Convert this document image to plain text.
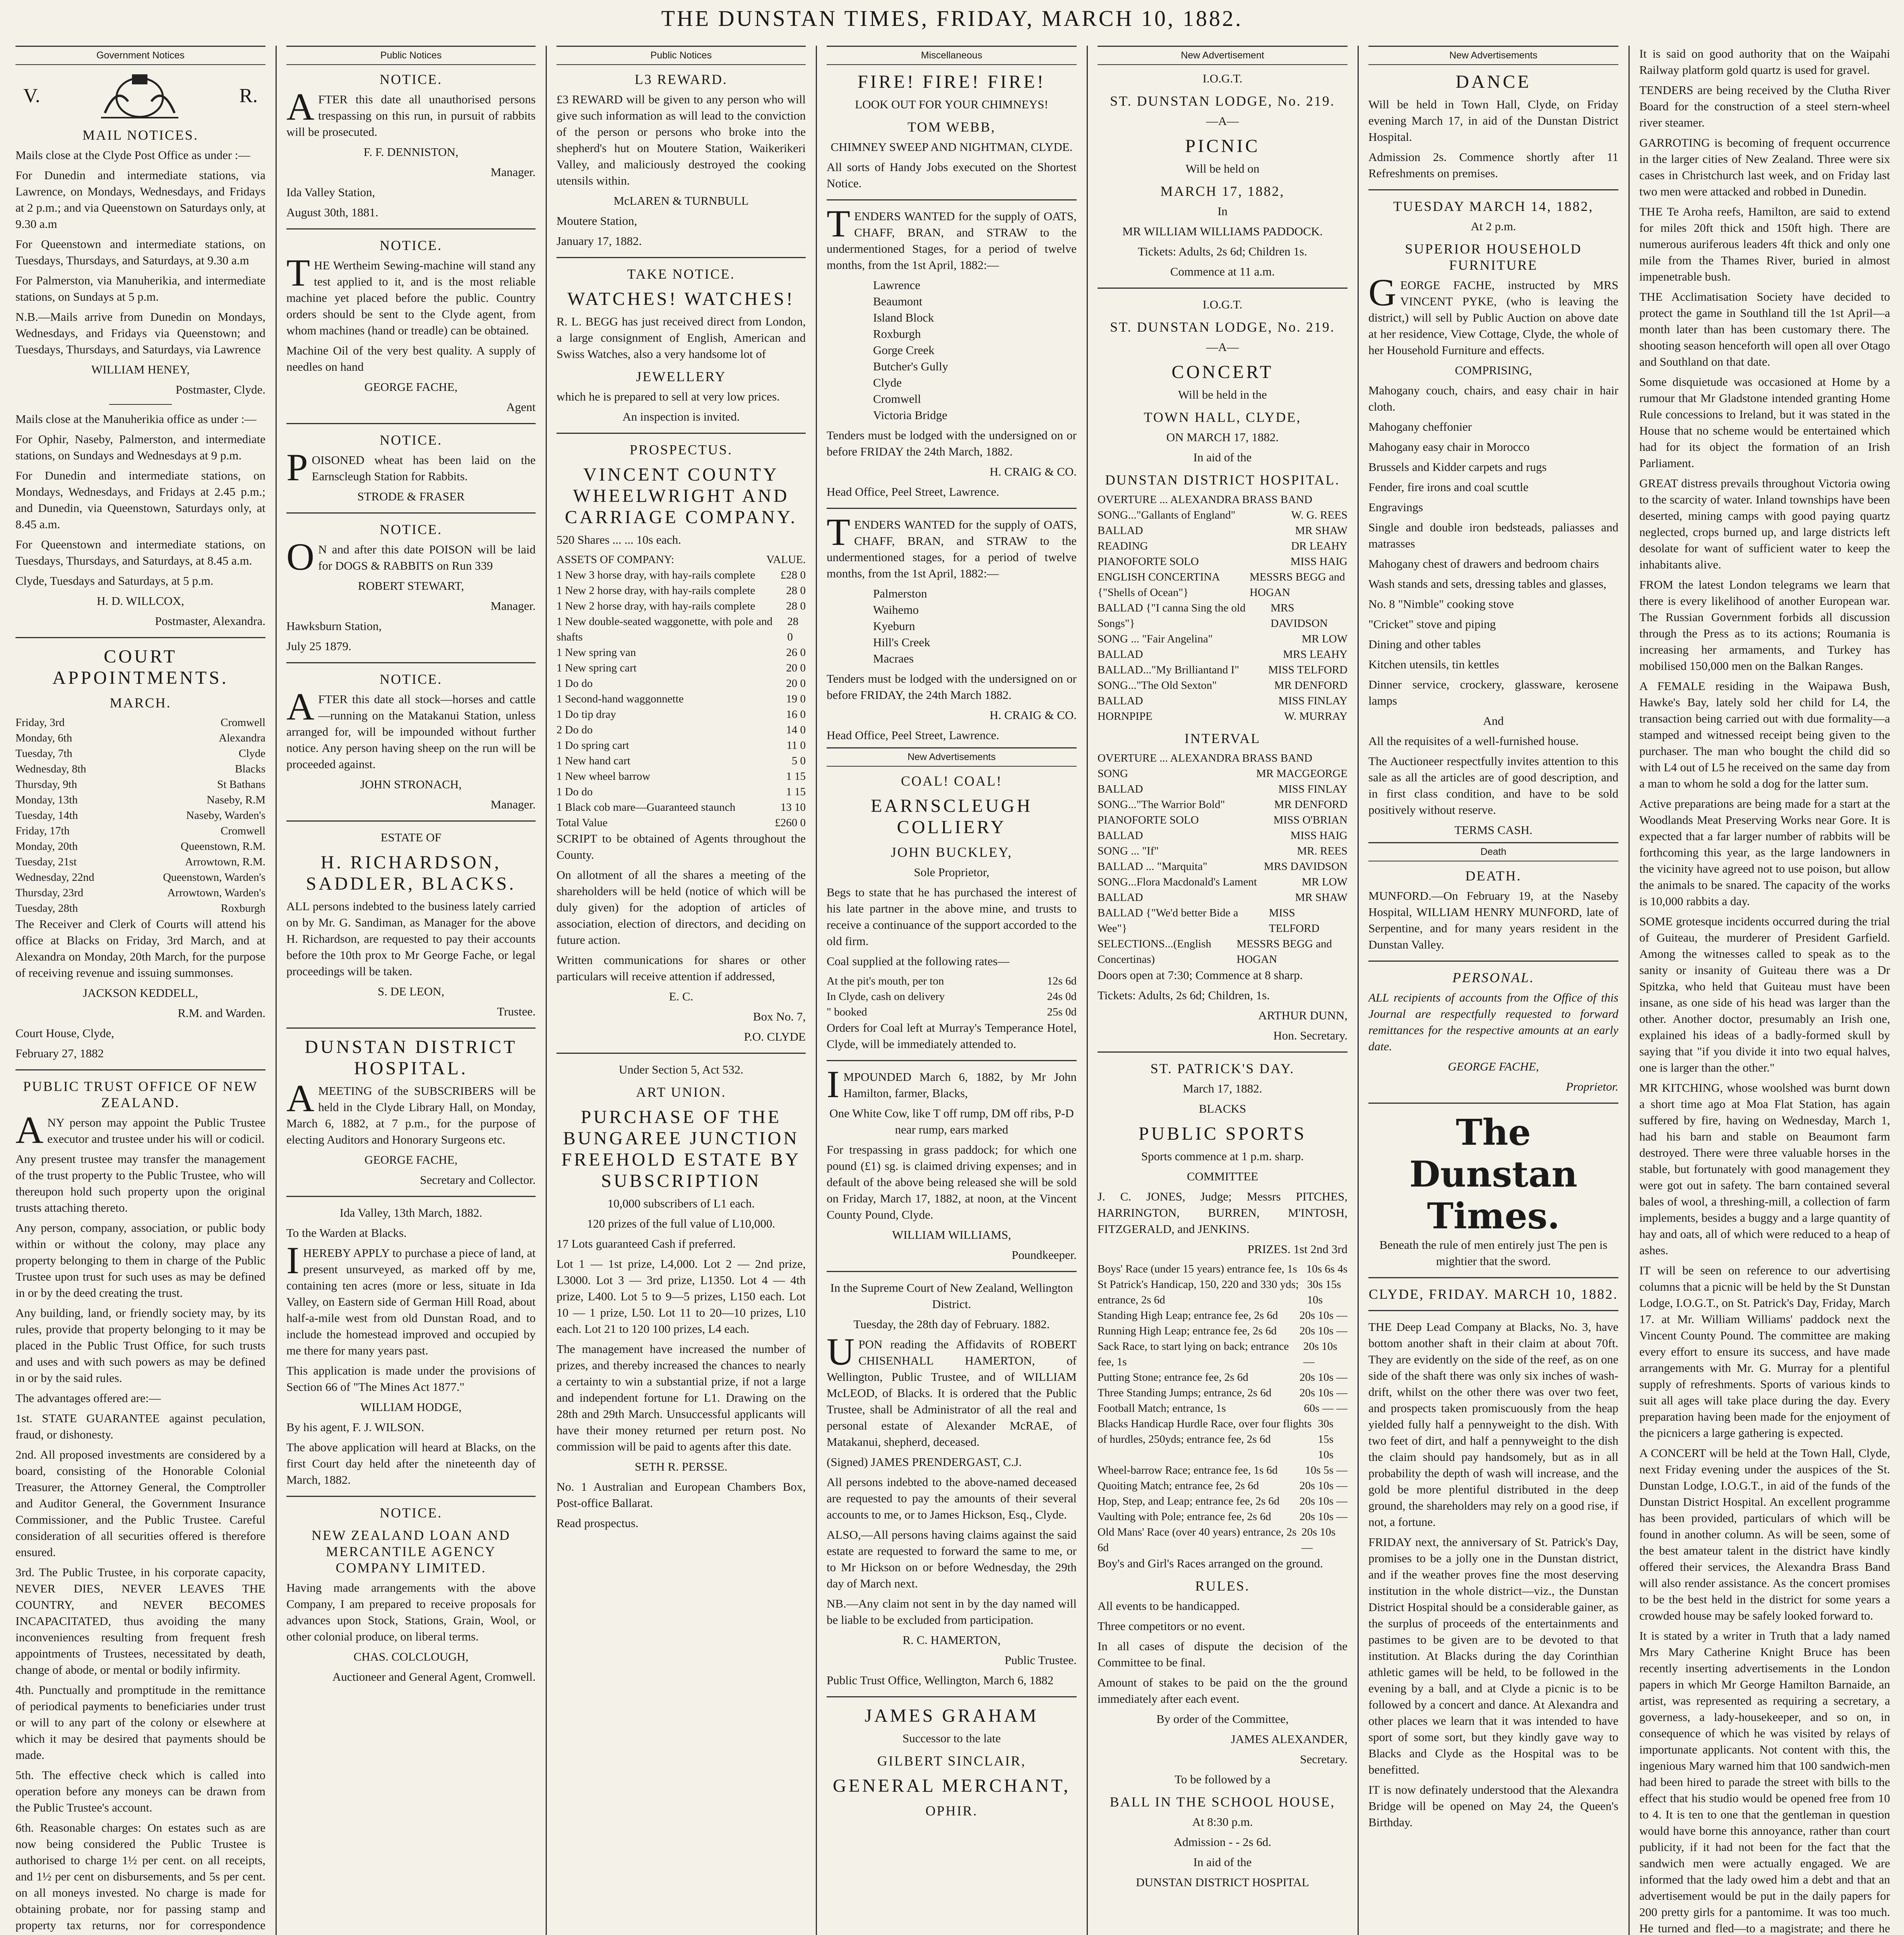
THE DUNSTAN TIMES, FRIDAY, MARCH 10, 1882.
Government Notices
V.	R.
MAIL NOTICES.

Mails close at the Clyde Post Office as under :—

For Dunedin and intermediate stations, via Lawrence, on Mondays, Wednesdays, and Fridays at 2 p.m.; and via Queenstown on Saturdays only, at 9.30 a.m

For Queenstown and intermediate stations, on Tuesdays, Thursdays, and Saturdays, at 9.30 a.m

For Palmerston, via Manuherikia, and intermediate stations, on Sundays at 5 p.m.

N.B.—Mails arrive from Dunedin on Mondays, Wednesdays, and Fridays via Queenstown; and Tuesdays, Thursdays, and Saturdays, via Lawrence

WILLIAM HENEY,

Postmaster, Clyde.

Mails close at the Manuherikia office as under :—

For Ophir, Naseby, Palmerston, and intermediate stations, on Sundays and Wednesdays at 9 p.m.

For Dunedin and intermediate stations, on Mondays, Wednesdays, and Fridays at 2.45 p.m.; and Dunedin, via Queenstown, Saturdays only, at 8.45 a.m.

For Queenstown and intermediate stations, on Tuesdays, Thursdays, and Saturdays, at 8.45 a.m.

Clyde, Tuesdays and Saturdays, at 5 p.m.

H. D. WILLCOX,

Postmaster, Alexandra.

COURT APPOINTMENTS.
MARCH.
Friday, 3rd	Cromwell
Monday, 6th	Alexandra
Tuesday, 7th	Clyde
Wednesday, 8th	Blacks
Thursday, 9th	St Bathans
Monday, 13th	Naseby, R.M
Tuesday, 14th	Naseby, Warden's
Friday, 17th	Cromwell
Monday, 20th	Queenstown, R.M.
Tuesday, 21st	Arrowtown, R.M.
Wednesday, 22nd	Queenstown, Warden's
Thursday, 23rd	Arrowtown, Warden's
Tuesday, 28th	Roxburgh

The Receiver and Clerk of Courts will attend his office at Blacks on Friday, 3rd March, and at Alexandra on Monday, 20th March, for the purpose of receiving revenue and issuing summonses.

JACKSON KEDDELL,

R.M. and Warden.

Court House, Clyde,

February 27, 1882

PUBLIC TRUST OFFICE OF NEW ZEALAND.

ANY person may appoint the Public Trustee executor and trustee under his will or codicil.

Any present trustee may transfer the management of the trust property to the Public Trustee, who will thereupon hold such property upon the original trusts attaching thereto.

Any person, company, association, or public body within or without the colony, may place any property belonging to them in charge of the Public Trustee upon trust for such uses as may be defined in or by the deed creating the trust.

Any building, land, or friendly society may, by its rules, provide that property belonging to it may be placed in the Public Trust Office, for such trusts and uses and with such powers as may be defined in or by the said rules.

The advantages offered are:—

1st. STATE GUARANTEE against peculation, fraud, or dishonesty.

2nd. All proposed investments are considered by a board, consisting of the Honorable Colonial Treasurer, the Attorney General, the Comptroller and Auditor General, the Government Insurance Commissioner, and the Public Trustee. Careful consideration of all securities offered is therefore ensured.

3rd. The Public Trustee, in his corporate capacity, NEVER DIES, NEVER LEAVES THE COUNTRY, and NEVER BECOMES INCAPACITATED, thus avoiding the many inconveniences resulting from frequent fresh appointments of Trustees, necessitated by death, change of abode, or mental or bodily infirmity.

4th. Punctually and promptitude in the remittance of periodical payments to beneficiaries under trust or will to any part of the colony or elsewhere at which it may be desired that payments should be made.

5th. The effective check which is called into operation before any moneys can be drawn from the Public Trustee's account.

6th. Reasonable charges: On estates such as are now being considered the Public Trustee is authorised to charge 1½ per cent. on all receipts, and 1½ per cent on disbursements, and 5s per cent. on all moneys invested. No charge is made for obtaining probate, nor for passing stamp and property tax returns, nor for correspondence

Public Notices
NOTICE.

AFTER this date all unauthorised persons trespassing on this run, in pursuit of rabbits will be prosecuted.

F. F. DENNISTON,

Manager.

Ida Valley Station,

August 30th, 1881.

NOTICE.

THE Wertheim Sewing-machine will stand any test applied to it, and is the most reliable machine yet placed before the public. Country orders should be sent to the Clyde agent, from whom machines (hand or treadle) can be obtained.

Machine Oil of the very best quality. A supply of needles on hand

GEORGE FACHE,

Agent

NOTICE.

POISONED wheat has been laid on the Earnscleugh Station for Rabbits.

STRODE & FRASER

NOTICE.

ON and after this date POISON will be laid for DOGS & RABBITS on Run 339

ROBERT STEWART,

Manager.

Hawksburn Station,

July 25 1879.

NOTICE.

AFTER this date all stock—horses and cattle—running on the Matakanui Station, unless arranged for, will be impounded without further notice. Any person having sheep on the run will be proceeded against.

JOHN STRONACH,

Manager.

ESTATE OF

H. RICHARDSON, SADDLER, BLACKS.

ALL persons indebted to the business lately carried on by Mr. G. Sandiman, as Manager for the above H. Richardson, are requested to pay their accounts before the 10th prox to Mr George Fache, or legal proceedings will be taken.

S. DE LEON,

Trustee.

DUNSTAN DISTRICT HOSPITAL.

AMEETING of the SUBSCRIBERS will be held in the Clyde Library Hall, on Monday, March 6, 1882, at 7 p.m., for the purpose of electing Auditors and Honorary Surgeons etc.

GEORGE FACHE,

Secretary and Collector.

Ida Valley, 13th March, 1882.

To the Warden at Blacks.

IHEREBY APPLY to purchase a piece of land, at present unsurveyed, as marked off by me, containing ten acres (more or less, situate in Ida Valley, on Eastern side of German Hill Road, about half-a-mile west from old Dunstan Road, and to include the homestead improved and occupied by me there for many years past.

This application is made under the provisions of Section 66 of "The Mines Act 1877."

WILLIAM HODGE,

By his agent, F. J. WILSON.

The above application will heard at Blacks, on the first Court day held after the nineteenth day of March, 1882.

NOTICE.
NEW ZEALAND LOAN AND MERCANTILE AGENCY COMPANY LIMITED.

Having made arrangements with the above Company, I am prepared to receive proposals for advances upon Stock, Stations, Grain, Wool, or other colonial produce, on liberal terms.

CHAS. COLCLOUGH,

Auctioneer and General Agent, Cromwell.

Public Notices
L3 REWARD.

£3 REWARD will be given to any person who will give such information as will lead to the conviction of the person or persons who broke into the shepherd's hut on Moutere Station, Waikerikeri Valley, and maliciously destroyed the cooking utensils within.

McLAREN & TURNBULL

Moutere Station,

January 17, 1882.

TAKE NOTICE.
WATCHES! WATCHES!

R. L. BEGG has just received direct from London, a large consignment of English, American and Swiss Watches, also a very handsome lot of

JEWELLERY

which he is prepared to sell at very low prices.

An inspection is invited.

PROSPECTUS.
VINCENT COUNTY WHEELWRIGHT AND CARRIAGE COMPANY.

520 Shares ... ... 10s each.

ASSETS OF COMPANY:	VALUE.
1 New 3 horse dray, with hay-rails complete £28 0
1 New 2 horse dray, with hay-rails complete	28 0
1 New 2 horse dray, with hay-rails complete	28 0
1 New double-seated waggonette, with pole and shafts
28 0
1 New spring van	26 0
1 New spring cart	20 0
1 Do do	20 0
1 Second-hand waggonnette	19 0
1 Do tip dray	16 0
2 Do do	14 0
1 Do spring cart	11 0
1 New hand cart	5 0
1 New wheel barrow	1 15
1 Do do	1 15
1 Black cob mare—Guaranteed staunch	13 10
Total Value	£260 0

SCRIPT to be obtained of Agents throughout the County.

On allotment of all the shares a meeting of the shareholders will be held (notice of which will be duly given) for the adoption of articles of association, election of directors, and deciding on future action.

Written communications for shares or other particulars will receive attention if addressed,

E. C.

Box No. 7,

P.O. CLYDE

Under Section 5, Act 532.

ART UNION.
PURCHASE OF THE BUNGAREE JUNCTION FREEHOLD ESTATE BY SUBSCRIPTION

10,000 subscribers of L1 each.

120 prizes of the full value of L10,000.

17 Lots guaranteed Cash if preferred.

Lot 1 — 1st prize, L4,000. Lot 2 — 2nd prize, L3000. Lot 3 — 3rd prize, L1350. Lot 4 — 4th prize, L400. Lot 5 to 9—5 prizes, L150 each. Lot 10 — 1 prize, L50. Lot 11 to 20—10 prizes, L10 each. Lot 21 to 120 100 prizes, L4 each.

The management have increased the number of prizes, and thereby increased the chances to nearly a certainty to win a substantial prize, if not a large and independent fortune for L1. Drawing on the 28th and 29th March. Unsuccessful applicants will have their money returned per return post. No commission will be paid to agents after this date.

SETH R. PERSSE.

No. 1 Australian and European Chambers Box, Post-office Ballarat.

Read prospectus.

Miscellaneous
FIRE! FIRE! FIRE!

LOOK OUT FOR YOUR CHIMNEYS!

TOM WEBB,

CHIMNEY SWEEP AND NIGHTMAN, CLYDE.

All sorts of Handy Jobs executed on the Shortest Notice.

TENDERS WANTED for the supply of OATS, CHAFF, BRAN, and STRAW to the undermentioned Stages, for a period of twelve months, from the 1st April, 1882:—

Lawrence
Beaumont
Island Block
Roxburgh
Gorge Creek
Butcher's Gully
Clyde
Cromwell
Victoria Bridge

Tenders must be lodged with the undersigned on or before FRIDAY the 24th March, 1882.

H. CRAIG & CO.

Head Office, Peel Street, Lawrence.

TENDERS WANTED for the supply of OATS, CHAFF, BRAN, and STRAW to the undermentioned stages, for a period of twelve months, from the 1st April, 1882:—

Palmerston
Waihemo
Kyeburn
Hill's Creek
Macraes

Tenders must be lodged with the undersigned on or before FRIDAY, the 24th March 1882.

H. CRAIG & CO.

Head Office, Peel Street, Lawrence.

New Advertisements
COAL! COAL!
EARNSCLEUGH COLLIERY
JOHN BUCKLEY,

Sole Proprietor,

Begs to state that he has purchased the interest of his late partner in the above mine, and trusts to receive a continuance of the support accorded to the old firm.

Coal supplied at the following rates—

At the pit's mouth, per ton	12s 6d
In Clyde, cash on delivery	24s 0d
" booked	25s 0d

Orders for Coal left at Murray's Temperance Hotel, Clyde, will be immediately attended to.

IMPOUNDED March 6, 1882, by Mr John Hamilton, farmer, Blacks,

One White Cow, like T off rump, DM off ribs, P-D near rump, ears marked

For trespassing in grass paddock; for which one pound (£1) sg. is claimed driving expenses; and in default of the above being released she will be sold on Friday, March 17, 1882, at noon, at the Vincent County Pound, Clyde.

WILLIAM WILLIAMS,

Poundkeeper.

In the Supreme Court of New Zealand, Wellington District.

Tuesday, the 28th day of February. 1882.

UPON reading the Affidavits of ROBERT CHISENHALL HAMERTON, of Wellington, Public Trustee, and of WILLIAM McLEOD, of Blacks. It is ordered that the Public Trustee, shall be Administrator of all the real and personal estate of Alexander McRAE, of Matakanui, shepherd, deceased.

(Signed) JAMES PRENDERGAST, C.J.

All persons indebted to the above-named deceased are requested to pay the amounts of their several accounts to me, or to James Hickson, Esq., Clyde.

ALSO,—All persons having claims against the said estate are requested to forward the same to me, or to Mr Hickson on or before Wednesday, the 29th day of March next.

NB.—Any claim not sent in by the day named will be liable to be excluded from participation.

R. C. HAMERTON,

Public Trustee.

Public Trust Office, Wellington, March 6, 1882

JAMES GRAHAM

Successor to the late

GILBERT SINCLAIR,
GENERAL MERCHANT,
OPHIR.
New Advertisement

I.O.G.T.

ST. DUNSTAN LODGE, No. 219.

—A—

PICNIC

Will be held on

MARCH 17, 1882,

In

MR WILLIAM WILLIAMS PADDOCK.

Tickets: Adults, 2s 6d; Children 1s.

Commence at 11 a.m.

I.O.G.T.

ST. DUNSTAN LODGE, No. 219.

—A—

CONCERT

Will be held in the

TOWN HALL, CLYDE,

ON MARCH 17, 1882.

In aid of the

DUNSTAN DISTRICT HOSPITAL.
OVERTURE ... ALEXANDRA BRASS BAND
SONG..."Gallants of England"	W. G. REES
BALLAD	MR SHAW
READING	DR LEAHY
PIANOFORTE SOLO	MISS HAIG
ENGLISH CONCERTINA {"Shells of Ocean"}
MESSRS BEGG and HOGAN
BALLAD {"I canna Sing the old Songs"}
MRS DAVIDSON
SONG ... "Fair Angelina"	MR LOW
BALLAD	MRS LEAHY
BALLAD..."My Brilliantand I"	MISS TELFORD
SONG..."The Old Sexton"	MR DENFORD
BALLAD	MISS FINLAY
HORNPIPE	W. MURRAY
INTERVAL
OVERTURE ... ALEXANDRA BRASS BAND
SONG	MR MACGEORGE
BALLAD	MISS FINLAY
SONG..."The Warrior Bold"	MR DENFORD
PIANOFORTE SOLO	MISS O'BRIAN
BALLAD	MISS HAIG
SONG ... "If"	MR. REES
BALLAD ... "Marquita"	MRS DAVIDSON
SONG...Flora Macdonald's Lament	MR LOW
BALLAD	MR SHAW
BALLAD {"We'd better Bide a Wee"}
MISS TELFORD
SELECTIONS...(English Concertinas)
MESSRS BEGG and HOGAN

Doors open at 7:30; Commence at 8 sharp.

Tickets: Adults, 2s 6d; Children, 1s.

ARTHUR DUNN,

Hon. Secretary.

ST. PATRICK'S DAY.

March 17, 1882.

BLACKS

PUBLIC SPORTS

Sports commence at 1 p.m. sharp.

COMMITTEE

J. C. JONES, Judge; Messrs PITCHES, HARRINGTON, BURREN, M'INTOSH, FITZGERALD, and JENKINS.

PRIZES. 1st 2nd 3rd

Boys' Race (under 15 years) entrance fee, 1s 10s 6s 4s
St Patrick's Handicap, 150, 220 and 330 yds; entrance, 2s 6d
30s 15s 10s
Standing High Leap; entrance fee, 2s 6d 20s 10s —
Running High Leap; entrance fee, 2s 6d 20s 10s —
Sack Race, to start lying on back; entrance fee, 1s
20s 10s —
Putting Stone; entrance fee, 2s 6d	20s 10s —
Three Standing Jumps; entrance, 2s 6d	20s 10s —
Football Match; entrance, 1s	60s — —
Blacks Handicap Hurdle Race, over four flights of hurdles, 250yds; entrance fee, 2s 6d
30s 15s 10s
Wheel-barrow Race; entrance fee, 1s 6d 10s 5s —
Quoiting Match; entrance fee, 2s 6d	20s 10s —
Hop, Step, and Leap; entrance fee, 2s 6d 20s 10s —
Vaulting with Pole; entrance fee, 2s 6d	20s 10s —
Old Mans' Race (over 40 years) entrance, 2s 6d
20s 10s —

Boy's and Girl's Races arranged on the ground.

RULES.

All events to be handicapped.

Three competitors or no event.

In all cases of dispute the decision of the Committee to be final.

Amount of stakes to be paid on the the ground immediately after each event.

By order of the Committee,

JAMES ALEXANDER,

Secretary.

To be followed by a

BALL IN THE SCHOOL HOUSE,

At 8:30 p.m.

Admission - - 2s 6d.

In aid of the

DUNSTAN DISTRICT HOSPITAL

New Advertisements
DANCE

Will be held in Town Hall, Clyde, on Friday evening March 17, in aid of the Dunstan District Hospital.

Admission 2s. Commence shortly after 11 Refreshments on premises.

TUESDAY MARCH 14, 1882,

At 2 p.m.

SUPERIOR HOUSEHOLD FURNITURE

GEORGE FACHE, instructed by MRS VINCENT PYKE, (who is leaving the district,) will sell by Public Auction on above date at her residence, View Cottage, Clyde, the whole of her Household Furniture and effects.

COMPRISING,

Mahogany couch, chairs, and easy chair in hair cloth.

Mahogany cheffonier

Mahogany easy chair in Morocco

Brussels and Kidder carpets and rugs

Fender, fire irons and coal scuttle

Engravings

Single and double iron bedsteads, paliasses and matrasses

Mahogany chest of drawers and bedroom chairs

Wash stands and sets, dressing tables and glasses,

No. 8 "Nimble" cooking stove

"Cricket" stove and piping

Dining and other tables

Kitchen utensils, tin kettles

Dinner service, crockery, glassware, kerosene lamps

And

All the requisites of a well-furnished house.

The Auctioneer respectfully invites attention to this sale as all the articles are of good description, and in first class condition, and have to be sold positively without reserve.

TERMS CASH.

Death
DEATH.

MUNFORD.—On February 19, at the Naseby Hospital, WILLIAM HENRY MUNFORD, late of Serpentine, and for many years resident in the Dunstan Valley.

PERSONAL.

ALL recipients of accounts from the Office of this Journal are respectfully requested to forward remittances for the respective amounts at an early date.

GEORGE FACHE,

Proprietor.

The Dunstan Times.

Beneath the rule of men entirely just The pen is mightier that the sword.

CLYDE, FRIDAY. MARCH 10, 1882.

THE Deep Lead Company at Blacks, No. 3, have bottom another shaft in their claim at about 70ft. They are evidently on the side of the reef, as on one side of the shaft there was only six inches of wash-drift, whilst on the other there was over two feet, and prospects taken promiscuously from the heap yielded fully half a pennyweight to the dish. With two feet of dirt, and half a pennyweight to the dish the claim should pay handsomely, but as in all probability the depth of wash will increase, and the gold be more plentiful distributed in the deep ground, the shareholders may rely on a good rise, if not, a fortune.

FRIDAY next, the anniversary of St. Patrick's Day, promises to be a jolly one in the Dunstan district, and if the weather proves fine the most deserving institution in the whole district—viz., the Dunstan District Hospital should be a considerable gainer, as the surplus of proceeds of the entertainments and pastimes to be given are to be devoted to that institution. At Blacks during the day Corinthian athletic games will be held, to be followed in the evening by a ball, and at Clyde a picnic is to be followed by a concert and dance. At Alexandra and other places we learn that it was intended to have sport of some sort, but they kindly gave way to Blacks and Clyde as the Hospital was to be benefitted.

IT is now definately understood that the Alexandra Bridge will be opened on May 24, the Queen's Birthday.

It is said on good authority that on the Waipahi Railway platform gold quartz is used for gravel.

TENDERS are being received by the Clutha River Board for the construction of a steel stern-wheel river steamer.

GARROTING is becoming of frequent occurrence in the larger cities of New Zealand. Three were six cases in Christchurch last week, and on Friday last two men were attacked and robbed in Dunedin.

THE Te Aroha reefs, Hamilton, are said to extend for miles 20ft thick and 150ft high. There are numerous auriferous leaders 4ft thick and only one mile from the Thames River, buried in almost impenetrable bush.

THE Acclimatisation Society have decided to protect the game in Southland till the 1st April—a month later than has been customary there. The shooting season henceforth will open all over Otago and Southland on that date.

Some disquietude was occasioned at Home by a rumour that Mr Gladstone intended granting Home Rule concessions to Ireland, but it was stated in the House that no scheme would be entertained which had for its object the formation of an Irish Parliament.

GREAT distress prevails throughout Victoria owing to the scarcity of water. Inland townships have been deserted, mining camps with good paying quartz neglected, crops burned up, and large districts left desolate for want of sufficient water to keep the inhabitants alive.

FROM the latest London telegrams we learn that there is every likelihood of another European war. The Russian Government forbids all discussion through the Press as to its actions; Roumania is increasing her armaments, and Turkey has mobilised 150,000 men on the Balkan Ranges.

A FEMALE residing in the Waipawa Bush, Hawke's Bay, lately sold her child for L4, the transaction being carried out with due formality—a stamped and witnessed receipt being given to the purchaser. The man who bought the child did so with L4 out of L5 he received on the same day from a man to whom he sold a dog for the latter sum.

Active preparations are being made for a start at the Woodlands Meat Preserving Works near Gore. It is expected that a far larger number of rabbits will be forthcoming this year, as the large landowners in the vicinity have agreed not to use poison, but allow the animals to be snared. The capacity of the works is 10,000 rabbits a day.

SOME grotesque incidents occurred during the trial of Guiteau, the murderer of President Garfield. Among the witnesses called to speak as to the sanity or insanity of Guiteau there was a Dr Spitzka, who held that Guiteau must have been insane, as one side of his head was larger than the other. Another doctor, presumably an Irish one, explained his ideas of a badly-formed skull by saying that "if you divide it into two equal halves, one is larger than the other."

MR KITCHING, whose woolshed was burnt down a short time ago at Moa Flat Station, has again suffered by fire, having on Wednesday, March 1, had his barn and stable on Beaumont farm destroyed. There were three valuable horses in the stable, but fortunately with good management they were got out in safety. The barn contained several bales of wool, a threshing-mill, a collection of farm implements, besides a buggy and a large quantity of hay and oats, all of which were reduced to a heap of ashes.

IT will be seen on reference to our advertising columns that a picnic will be held by the St Dunstan Lodge, I.O.G.T., on St. Patrick's Day, Friday, March 17. at Mr. William Williams' paddock next the Vincent County Pound. The committee are making every effort to ensure its success, and have made arrangements with Mr. G. Murray for a plentiful supply of refreshments. Sports of various kinds to suit all ages will take place during the day. Every preparation having been made for the enjoyment of the picnicers a large gathering is expected.

A CONCERT will be held at the Town Hall, Clyde, next Friday evening under the auspices of the St. Dunstan Lodge, I.O.G.T., in aid of the funds of the Dunstan District Hospital. An excellent programme has been provided, particulars of which will be found in another column. As will be seen, some of the best amateur talent in the district have kindly offered their services, the Alexandra Brass Band will also render assistance. As the concert promises to be the best held in the district for some years a crowded house may be safely looked forward to.

It is stated by a writer in Truth that a lady named Mrs Mary Catherine Knight Bruce has been recently inserting advertisements in the London papers in which Mr George Hamilton Barnaide, an artist, was represented as requiring a secretary, a governess, a lady-housekeeper, and so on, in consequence of which he was visited by relays of importunate applicants. Not content with this, the ingenious Mary warned him that 100 sandwich-men had been hired to parade the street with bills to the effect that his studio would be opened free from 10 to 4. It is ten to one that the gentleman in question would have borne this annoyance, rather than court publicity, if it had not been for the fact that the sandwich men were actually engaged. We are informed that the lady owed him a debt and that an advertisement would be put in the daily papers for 200 pretty girls for a pantomime. It was too much. He turned and fled—to a magistrate; and there he
